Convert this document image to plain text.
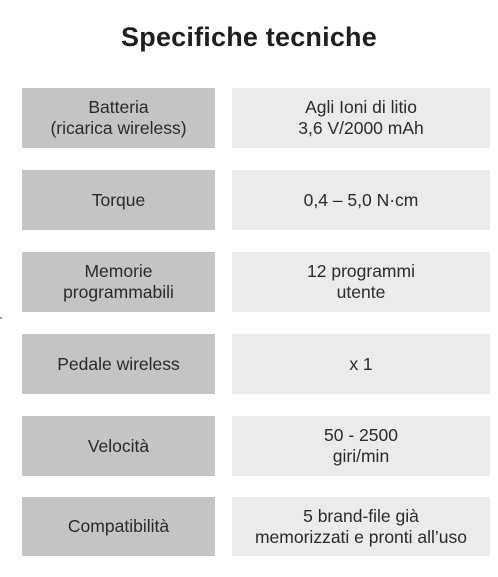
Specifiche tecniche
Batteria
(ricarica wireless)
Agli Ioni di litio
3,6 V/2000 mAh
Torque	0,4 – 5,0 N·cm
Memorie
programmabili
12 programmi
utente
Pedale wireless	x 1
Velocità
50 - 2500
giri/min
Compatibilità
5 brand-file già
memorizzati e pronti all’uso
